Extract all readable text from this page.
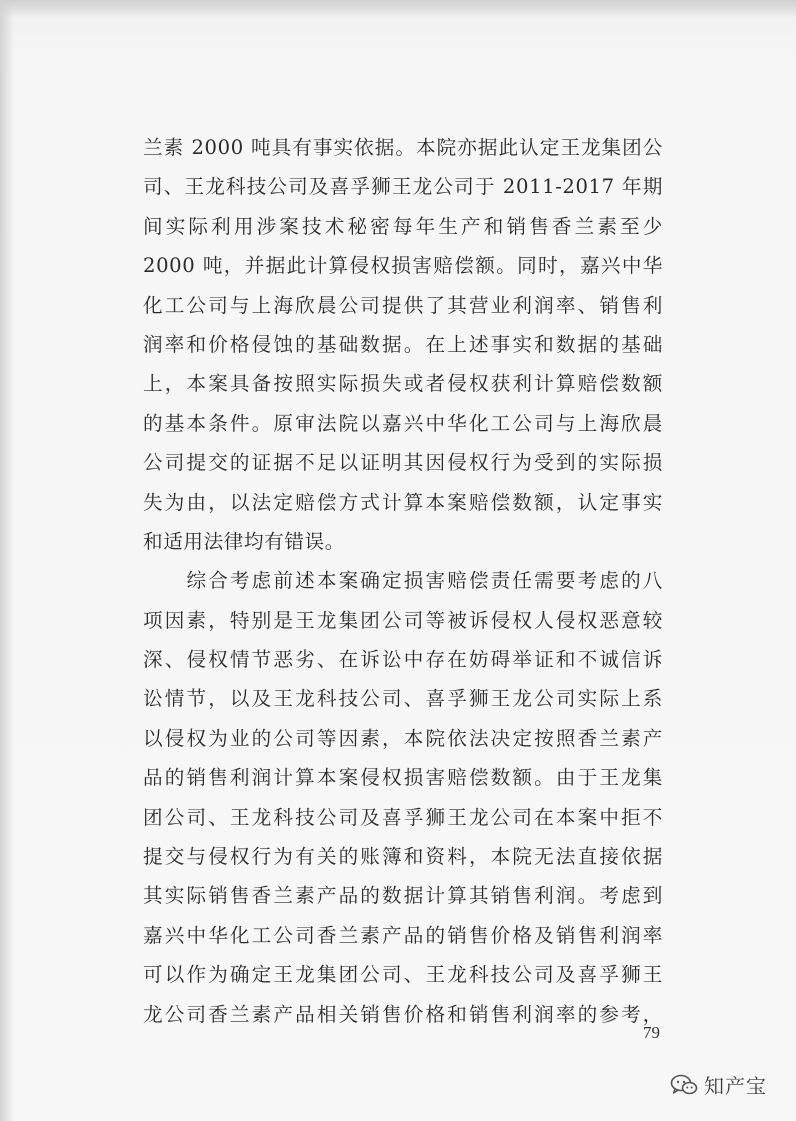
兰素 2000 吨具有事实依据。本院亦据此认定王龙集团公
司、王龙科技公司及喜孚狮王龙公司于 2011-2017 年期
间实际利用涉案技术秘密每年生产和销售香兰素至少
2000 吨，并据此计算侵权损害赔偿额。同时，嘉兴中华
化工公司与上海欣晨公司提供了其营业利润率、销售利
润率和价格侵蚀的基础数据。在上述事实和数据的基础
上，本案具备按照实际损失或者侵权获利计算赔偿数额
的基本条件。原审法院以嘉兴中华化工公司与上海欣晨
公司提交的证据不足以证明其因侵权行为受到的实际损
失为由，以法定赔偿方式计算本案赔偿数额，认定事实
和适用法律均有错误。
　　综合考虑前述本案确定损害赔偿责任需要考虑的八
项因素，特别是王龙集团公司等被诉侵权人侵权恶意较
深、侵权情节恶劣、在诉讼中存在妨碍举证和不诚信诉
讼情节，以及王龙科技公司、喜孚狮王龙公司实际上系
以侵权为业的公司等因素，本院依法决定按照香兰素产
品的销售利润计算本案侵权损害赔偿数额。由于王龙集
团公司、王龙科技公司及喜孚狮王龙公司在本案中拒不
提交与侵权行为有关的账簿和资料，本院无法直接依据
其实际销售香兰素产品的数据计算其销售利润。考虑到
嘉兴中华化工公司香兰素产品的销售价格及销售利润率
可以作为确定王龙集团公司、王龙科技公司及喜孚狮王
龙公司香兰素产品相关销售价格和销售利润率的参考，
79
知产宝
